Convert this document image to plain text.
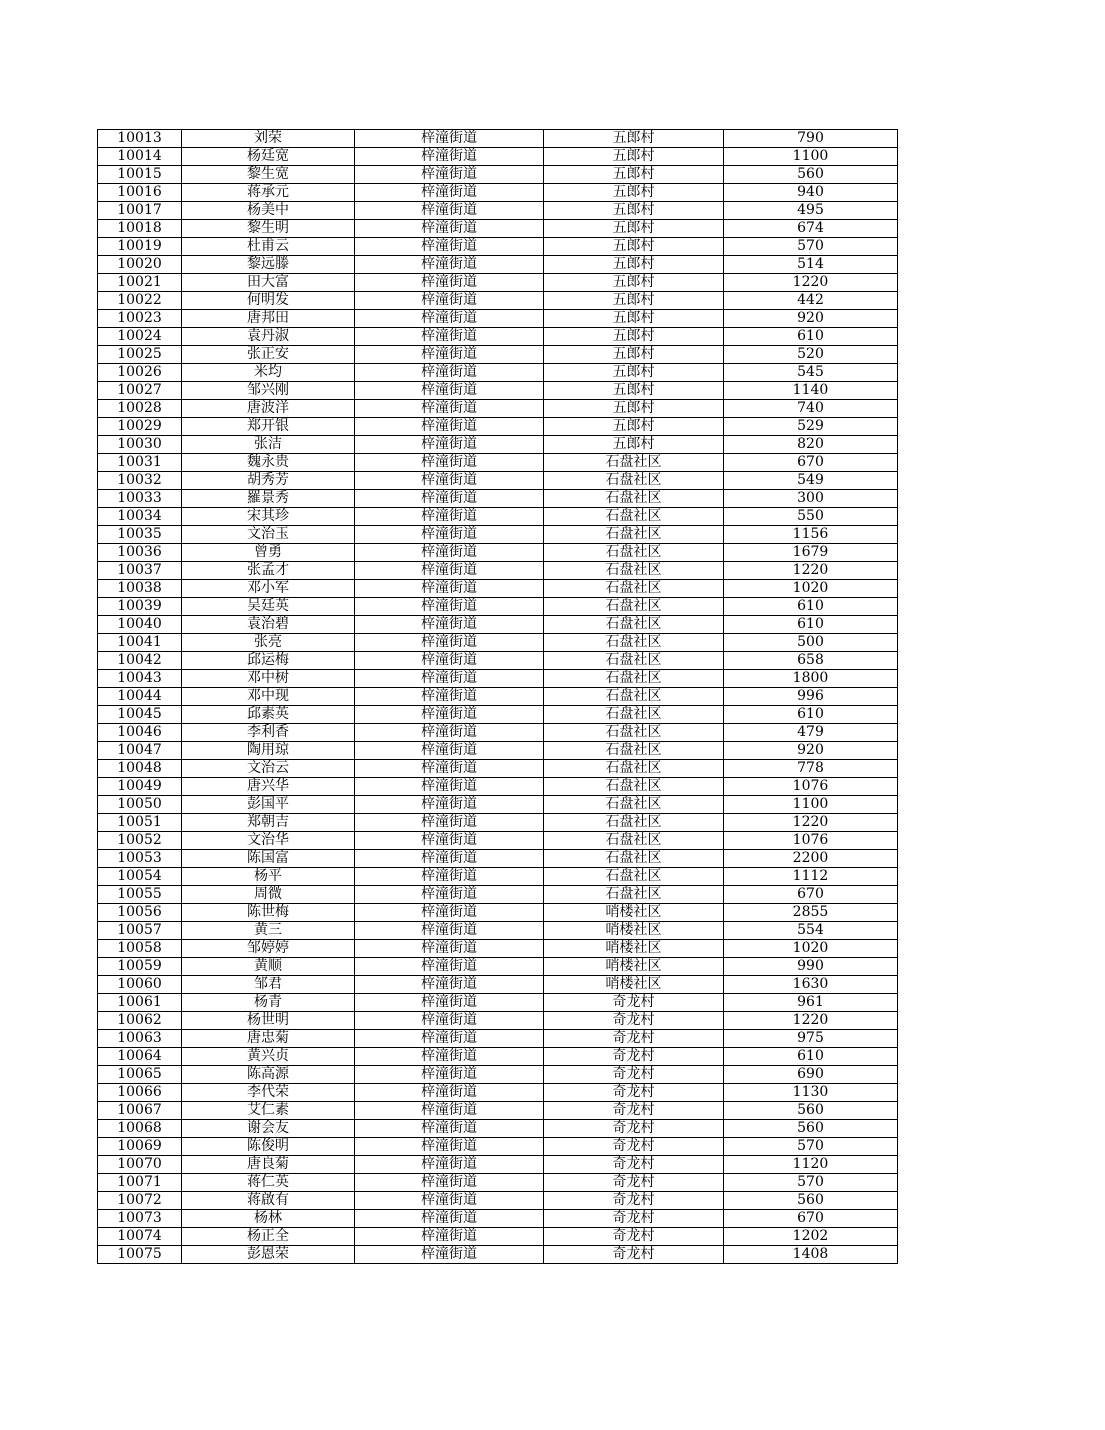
10013	刘荣	梓潼街道	五郎村	790
10014	杨廷宽	梓潼街道	五郎村	1100
10015	黎生宽	梓潼街道	五郎村	560
10016	蒋承元	梓潼街道	五郎村	940
10017	杨美中	梓潼街道	五郎村	495
10018	黎生明	梓潼街道	五郎村	674
10019	杜甫云	梓潼街道	五郎村	570
10020	黎远滕	梓潼街道	五郎村	514
10021	田大富	梓潼街道	五郎村	1220
10022	何明发	梓潼街道	五郎村	442
10023	唐邦田	梓潼街道	五郎村	920
10024	袁丹淑	梓潼街道	五郎村	610
10025	张正安	梓潼街道	五郎村	520
10026	米均	梓潼街道	五郎村	545
10027	邹兴刚	梓潼街道	五郎村	1140
10028	唐波洋	梓潼街道	五郎村	740
10029	郑开银	梓潼街道	五郎村	529
10030	张洁	梓潼街道	五郎村	820
10031	魏永贵	梓潼街道	石盘社区	670
10032	胡秀芳	梓潼街道	石盘社区	549
10033	羅景秀	梓潼街道	石盘社区	300
10034	宋其珍	梓潼街道	石盘社区	550
10035	文治玉	梓潼街道	石盘社区	1156
10036	曾勇	梓潼街道	石盘社区	1679
10037	张孟才	梓潼街道	石盘社区	1220
10038	邓小军	梓潼街道	石盘社区	1020
10039	吴廷英	梓潼街道	石盘社区	610
10040	袁治碧	梓潼街道	石盘社区	610
10041	张亮	梓潼街道	石盘社区	500
10042	邱运梅	梓潼街道	石盘社区	658
10043	邓中树	梓潼街道	石盘社区	1800
10044	邓中现	梓潼街道	石盘社区	996
10045	邱素英	梓潼街道	石盘社区	610
10046	李利香	梓潼街道	石盘社区	479
10047	陶用琼	梓潼街道	石盘社区	920
10048	文治云	梓潼街道	石盘社区	778
10049	唐兴华	梓潼街道	石盘社区	1076
10050	彭国平	梓潼街道	石盘社区	1100
10051	郑朝吉	梓潼街道	石盘社区	1220
10052	文治华	梓潼街道	石盘社区	1076
10053	陈国富	梓潼街道	石盘社区	2200
10054	杨平	梓潼街道	石盘社区	1112
10055	周微	梓潼街道	石盘社区	670
10056	陈世梅	梓潼街道	哨楼社区	2855
10057	黄三	梓潼街道	哨楼社区	554
10058	邹婷婷	梓潼街道	哨楼社区	1020
10059	黄顺	梓潼街道	哨楼社区	990
10060	邹君	梓潼街道	哨楼社区	1630
10061	杨青	梓潼街道	奇龙村	961
10062	杨世明	梓潼街道	奇龙村	1220
10063	唐忠菊	梓潼街道	奇龙村	975
10064	黄兴贞	梓潼街道	奇龙村	610
10065	陈高源	梓潼街道	奇龙村	690
10066	李代荣	梓潼街道	奇龙村	1130
10067	艾仁素	梓潼街道	奇龙村	560
10068	谢会友	梓潼街道	奇龙村	560
10069	陈俊明	梓潼街道	奇龙村	570
10070	唐良菊	梓潼街道	奇龙村	1120
10071	蒋仁英	梓潼街道	奇龙村	570
10072	蒋啟有	梓潼街道	奇龙村	560
10073	杨林	梓潼街道	奇龙村	670
10074	杨正全	梓潼街道	奇龙村	1202
10075	彭恩荣	梓潼街道	奇龙村	1408
